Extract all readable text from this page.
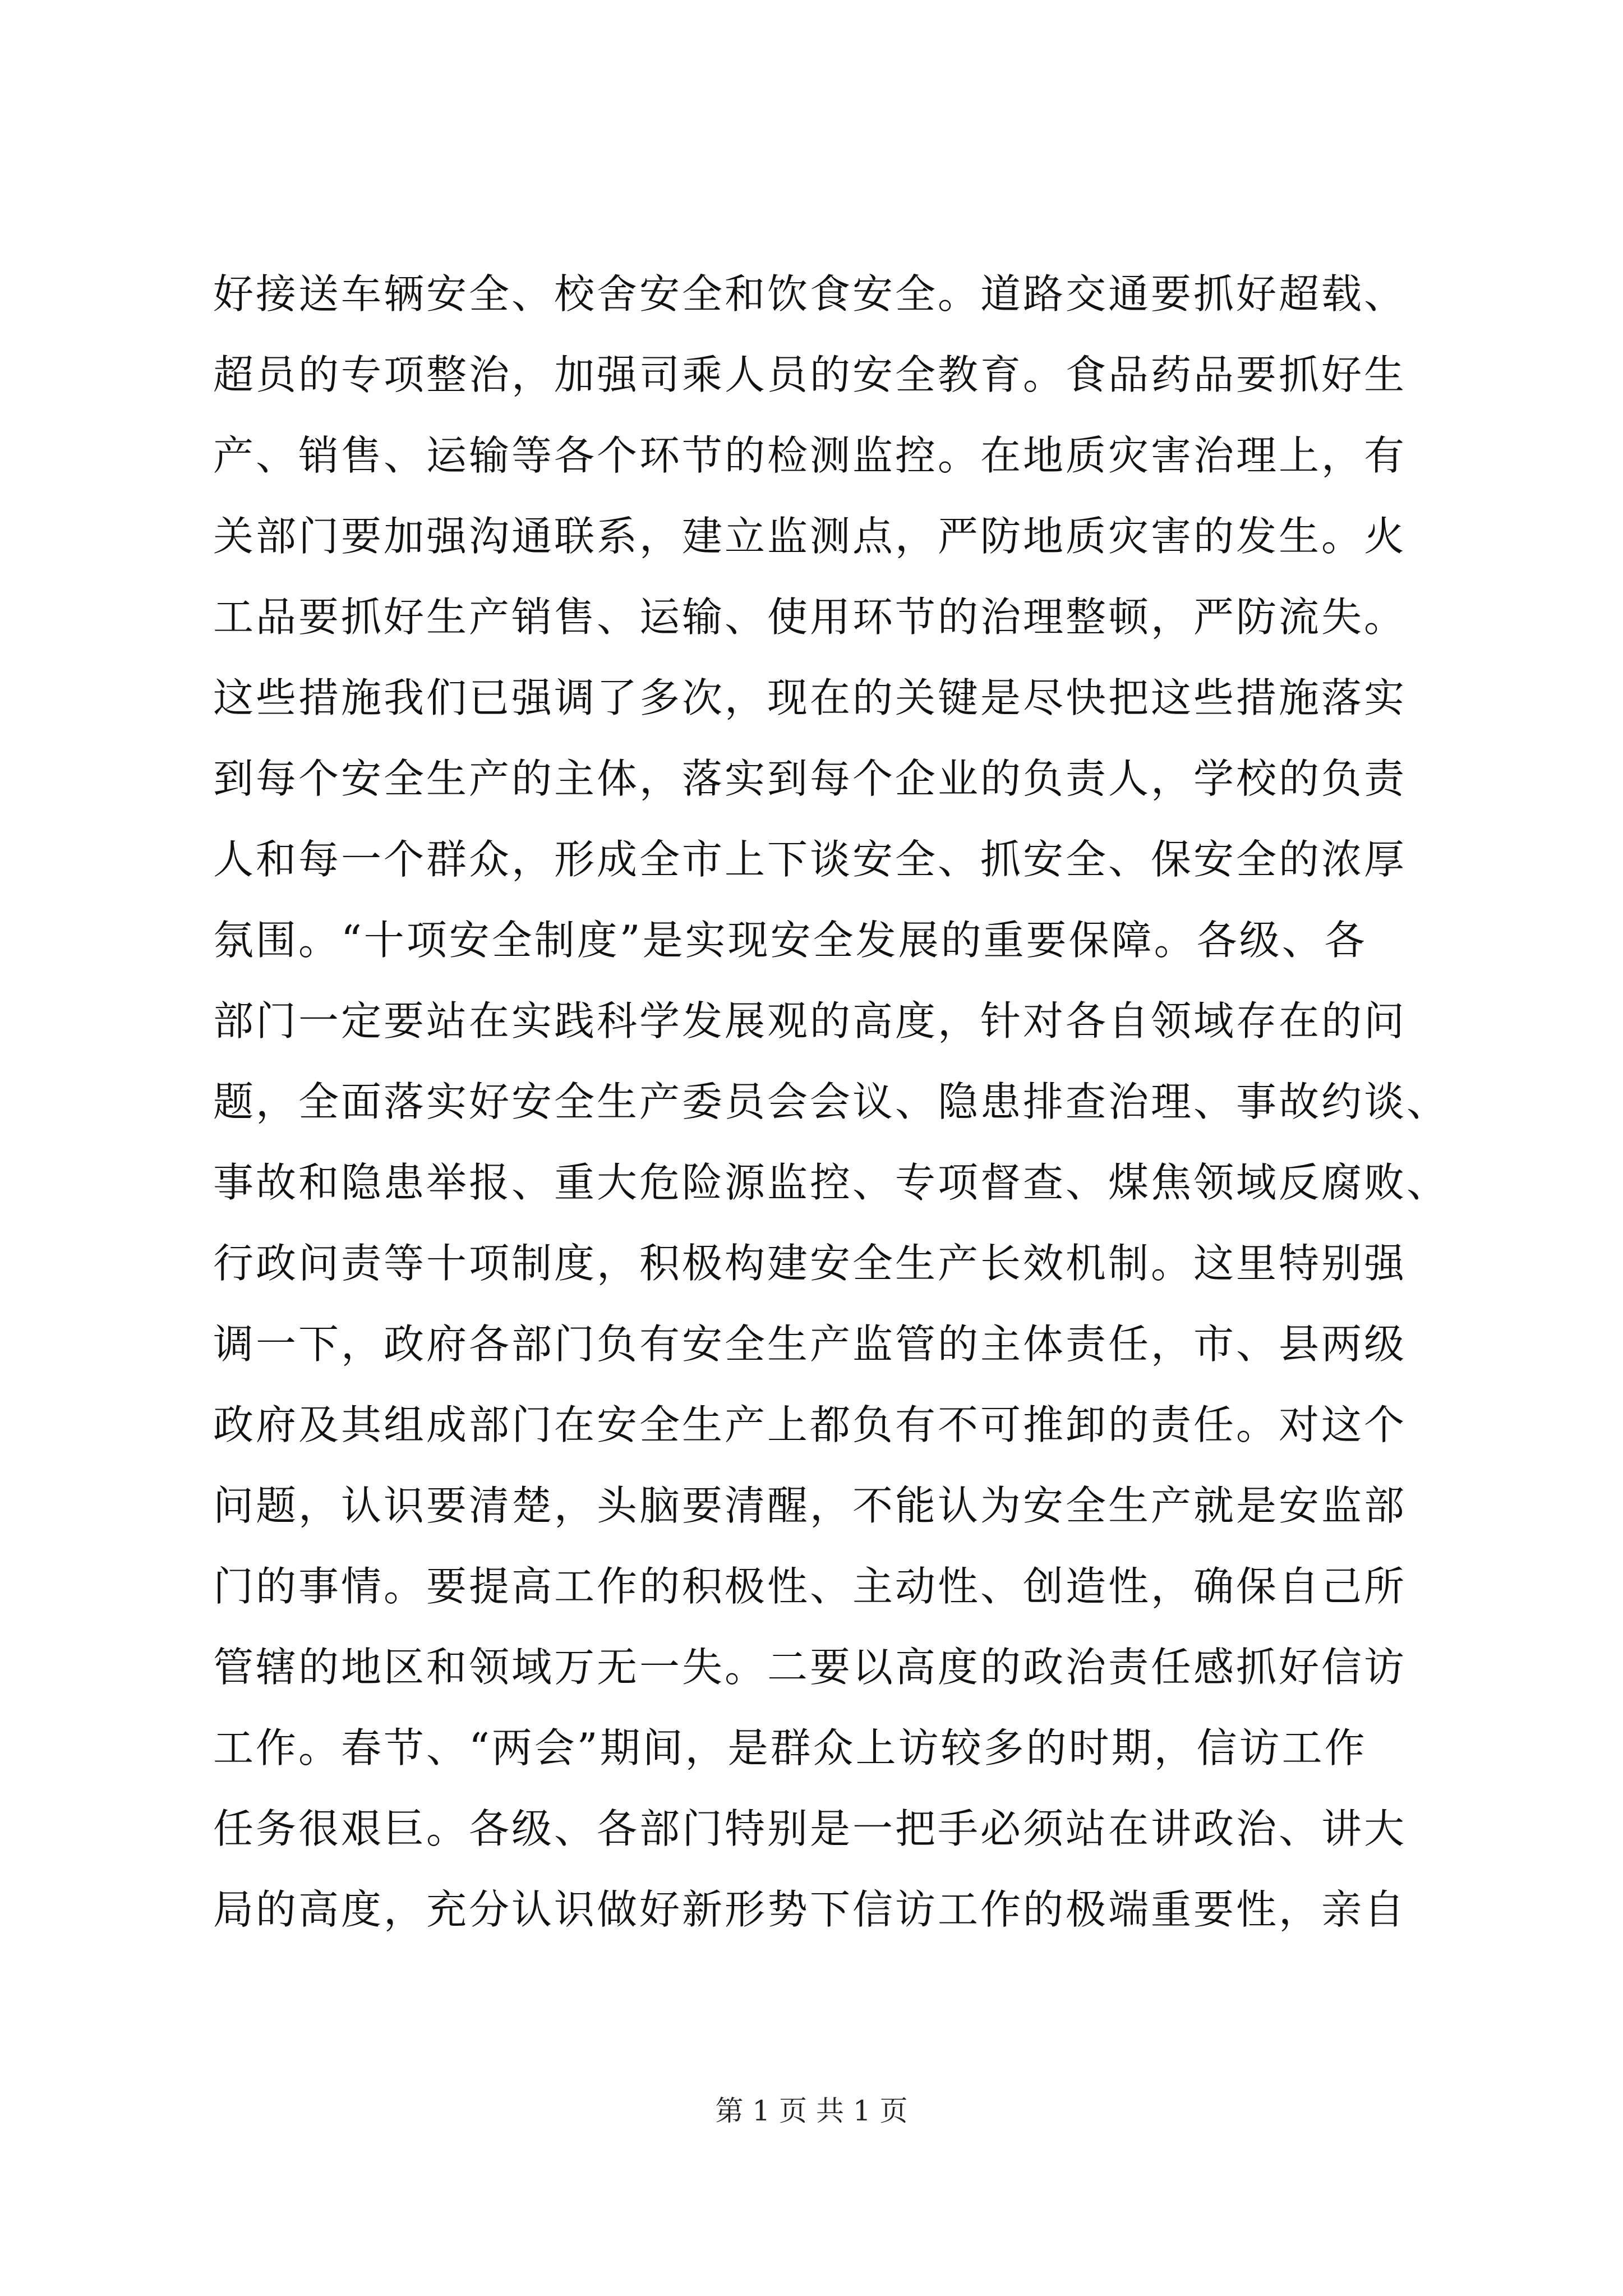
好接送车辆安全、校舍安全和饮食安全。道路交通要抓好超载、
超员的专项整治，加强司乘人员的安全教育。食品药品要抓好生
产、销售、运输等各个环节的检测监控。在地质灾害治理上，有
关部门要加强沟通联系，建立监测点，严防地质灾害的发生。火
工品要抓好生产销售、运输、使用环节的治理整顿，严防流失。
这些措施我们已强调了多次，现在的关键是尽快把这些措施落实
到每个安全生产的主体，落实到每个企业的负责人，学校的负责
人和每一个群众，形成全市上下谈安全、抓安全、保安全的浓厚
氛围。“十项安全制度”是实现安全发展的重要保障。各级、各
部门一定要站在实践科学发展观的高度，针对各自领域存在的问
题，全面落实好安全生产委员会会议、隐患排查治理、事故约谈、
事故和隐患举报、重大危险源监控、专项督查、煤焦领域反腐败、
行政问责等十项制度，积极构建安全生产长效机制。这里特别强
调一下，政府各部门负有安全生产监管的主体责任，市、县两级
政府及其组成部门在安全生产上都负有不可推卸的责任。对这个
问题，认识要清楚，头脑要清醒，不能认为安全生产就是安监部
门的事情。要提高工作的积极性、主动性、创造性，确保自己所
管辖的地区和领域万无一失。二要以高度的政治责任感抓好信访
工作。春节、“两会”期间，是群众上访较多的时期，信访工作
任务很艰巨。各级、各部门特别是一把手必须站在讲政治、讲大
局的高度，充分认识做好新形势下信访工作的极端重要性，亲自
第 1 页 共 1 页
